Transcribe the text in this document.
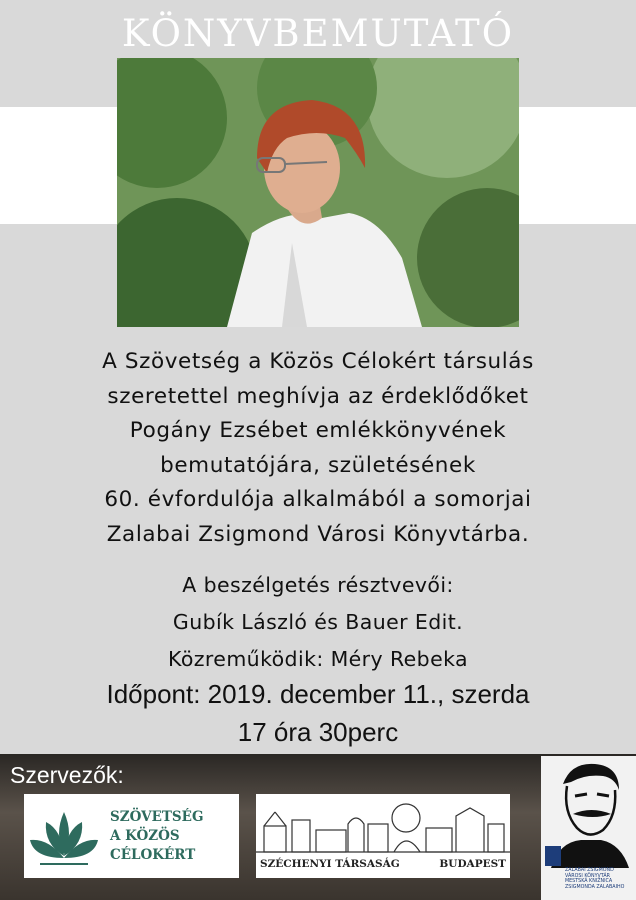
KÖNYVBEMUTATÓ
A Szövetség a Közös Célokért társulás
szeretettel meghívja az érdeklődőket
Pogány Ezsébet emlékkönyvének
bemutatójára, születésének
60. évfordulója alkalmából a somorjai
Zalabai Zsigmond Városi Könyvtárba.
A beszélgetés résztvevői:
Gubík László és Bauer Edit.
Közreműködik: Méry Rebeka
Időpont: 2019. december 11., szerda
17 óra 30perc
Szervezők:
SZÖVETSÉG
A KÖZÖS
CÉLOKÉRT
SZÉCHENYI TÁRSASÁG	BUDAPEST
ZALABAI ZSIGMOND
VÁROSI KÖNYVTÁR
MESTSKÁ KNIŽNICA
ZSIGMONDA ZALABAIHO
